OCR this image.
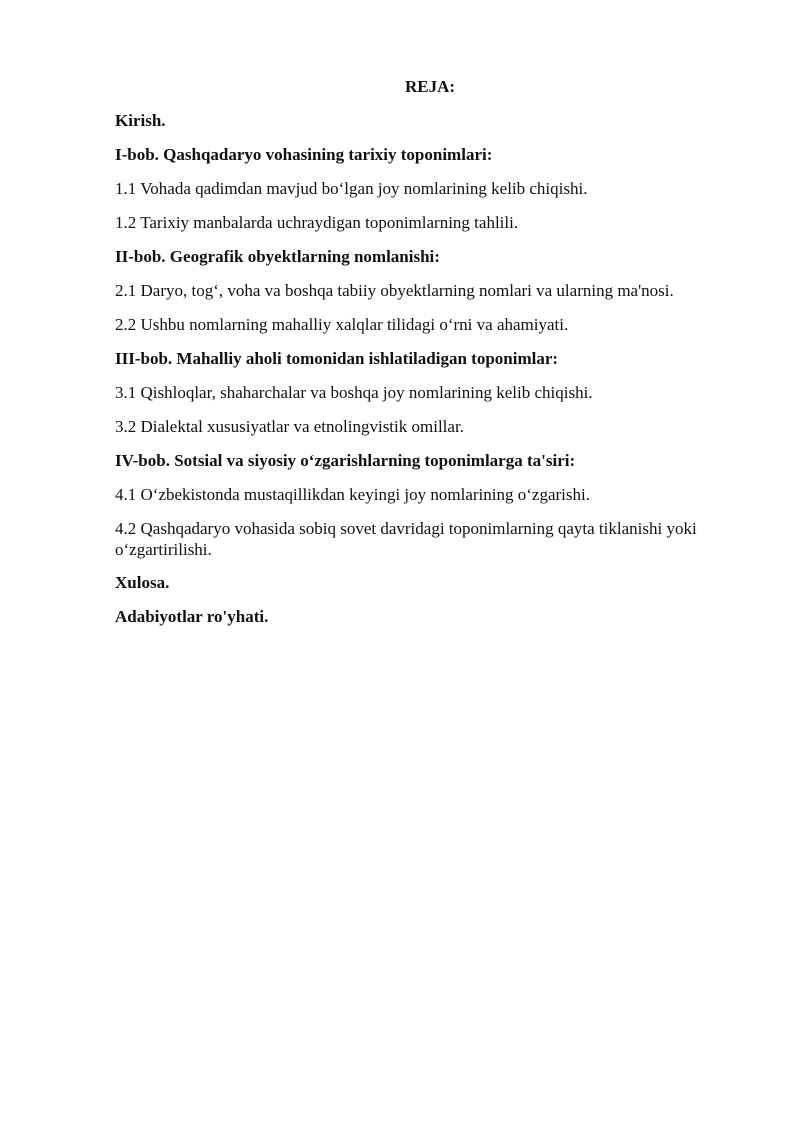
REJA:
Kirish.
I-bob. Qashqadaryo vohasining tarixiy toponimlari:
1.1 Vohada qadimdan mavjud bo‘lgan joy nomlarining kelib chiqishi.
1.2 Tarixiy manbalarda uchraydigan toponimlarning tahlili.
II-bob. Geografik obyektlarning nomlanishi:
2.1 Daryo, tog‘, voha va boshqa tabiiy obyektlarning nomlari va ularning ma'nosi.
2.2 Ushbu nomlarning mahalliy xalqlar tilidagi o‘rni va ahamiyati.
III-bob. Mahalliy aholi tomonidan ishlatiladigan toponimlar:
3.1 Qishloqlar, shaharchalar va boshqa joy nomlarining kelib chiqishi.
3.2 Dialektal xususiyatlar va etnolingvistik omillar.
IV-bob. Sotsial va siyosiy o‘zgarishlarning toponimlarga ta'siri:
4.1 O‘zbekistonda mustaqillikdan keyingi joy nomlarining o‘zgarishi.
4.2 Qashqadaryo vohasida sobiq sovet davridagi toponimlarning qayta tiklanishi yoki o‘zgartirilishi.
Xulosa.
Adabiyotlar ro'yhati.
